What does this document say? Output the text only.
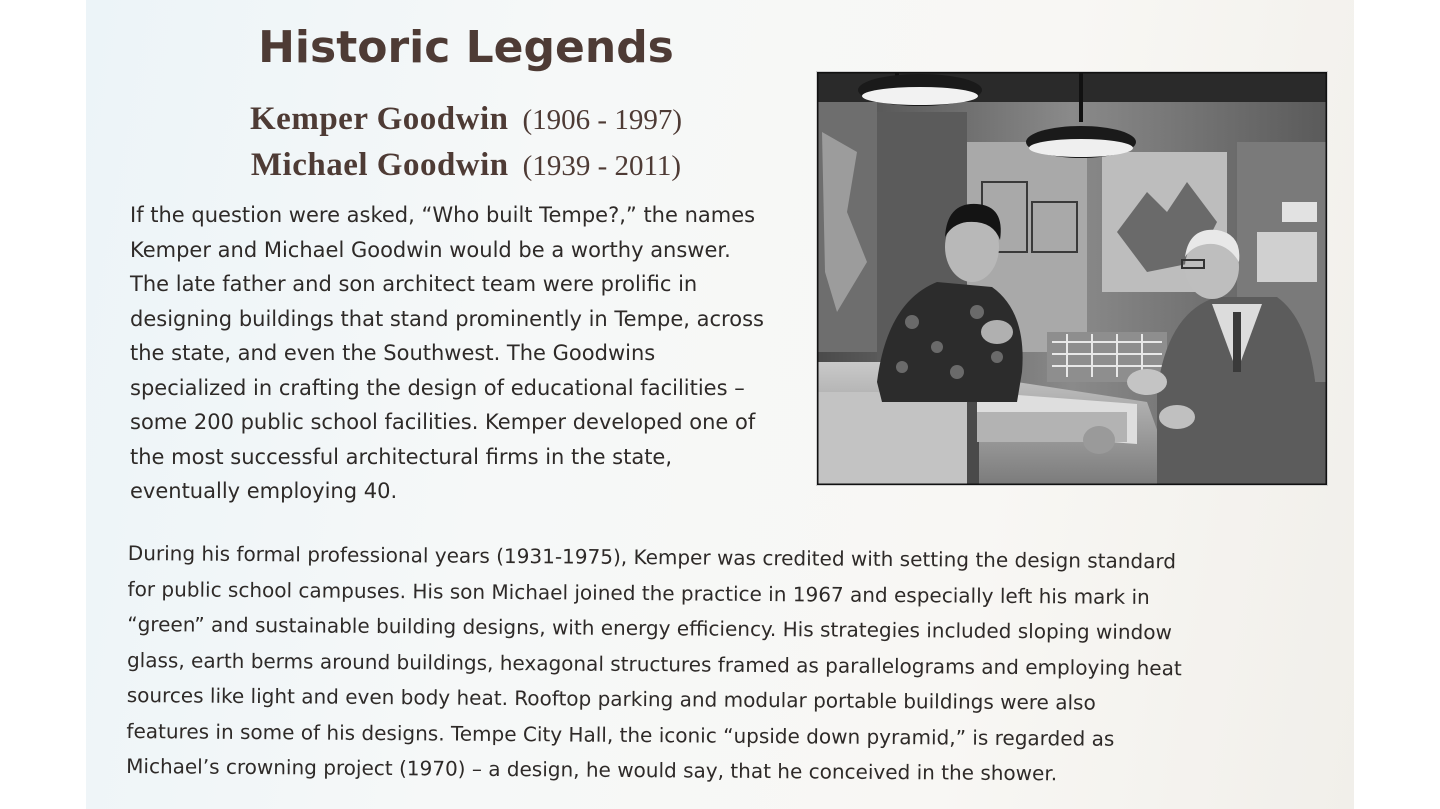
Historic Legends
Kemper Goodwin (1906 - 1997)
Michael Goodwin (1939 - 2011)

If the question were asked, “Who built Tempe?,” the names
Kemper and Michael Goodwin would be a worthy answer.
The late father and son architect team were prolific in
designing buildings that stand prominently in Tempe, across
the state, and even the Southwest. The Goodwins
specialized in crafting the design of educational facilities –
some 200 public school facilities. Kemper developed one of
the most successful architectural firms in the state,
eventually employing 40.

During his formal professional years (1931-1975), Kemper was credited with setting the design standard
for public school campuses. His son Michael joined the practice in 1967 and especially left his mark in
“green” and sustainable building designs, with energy efficiency. His strategies included sloping window
glass, earth berms around buildings, hexagonal structures framed as parallelograms and employing heat
sources like light and even body heat. Rooftop parking and modular portable buildings were also
features in some of his designs. Tempe City Hall, the iconic “upside down pyramid,” is regarded as
Michael’s crowning project (1970) – a design, he would say, that he conceived in the shower.
